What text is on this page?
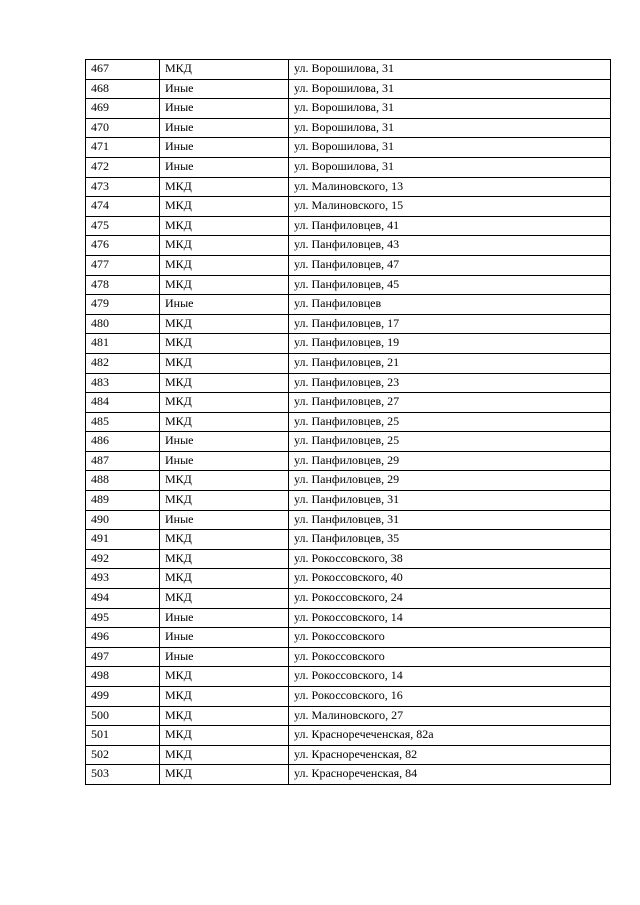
467	МКД	ул. Ворошилова, 31
468	Иные	ул. Ворошилова, 31
469	Иные	ул. Ворошилова, 31
470	Иные	ул. Ворошилова, 31
471	Иные	ул. Ворошилова, 31
472	Иные	ул. Ворошилова, 31
473	МКД	ул. Малиновского, 13
474	МКД	ул. Малиновского, 15
475	МКД	ул. Панфиловцев, 41
476	МКД	ул. Панфиловцев, 43
477	МКД	ул. Панфиловцев, 47
478	МКД	ул. Панфиловцев, 45
479	Иные	ул. Панфиловцев
480	МКД	ул. Панфиловцев, 17
481	МКД	ул. Панфиловцев, 19
482	МКД	ул. Панфиловцев, 21
483	МКД	ул. Панфиловцев, 23
484	МКД	ул. Панфиловцев, 27
485	МКД	ул. Панфиловцев, 25
486	Иные	ул. Панфиловцев, 25
487	Иные	ул. Панфиловцев, 29
488	МКД	ул. Панфиловцев, 29
489	МКД	ул. Панфиловцев, 31
490	Иные	ул. Панфиловцев, 31
491	МКД	ул. Панфиловцев, 35
492	МКД	ул. Рокоссовского, 38
493	МКД	ул. Рокоссовского, 40
494	МКД	ул. Рокоссовского, 24
495	Иные	ул. Рокоссовского, 14
496	Иные	ул. Рокоссовского
497	Иные	ул. Рокоссовского
498	МКД	ул. Рокоссовского, 14
499	МКД	ул. Рокоссовского, 16
500	МКД	ул. Малиновского, 27
501	МКД	ул. Красноречеченская, 82а
502	МКД	ул. Краснореченская, 82
503	МКД	ул. Краснореченская, 84
